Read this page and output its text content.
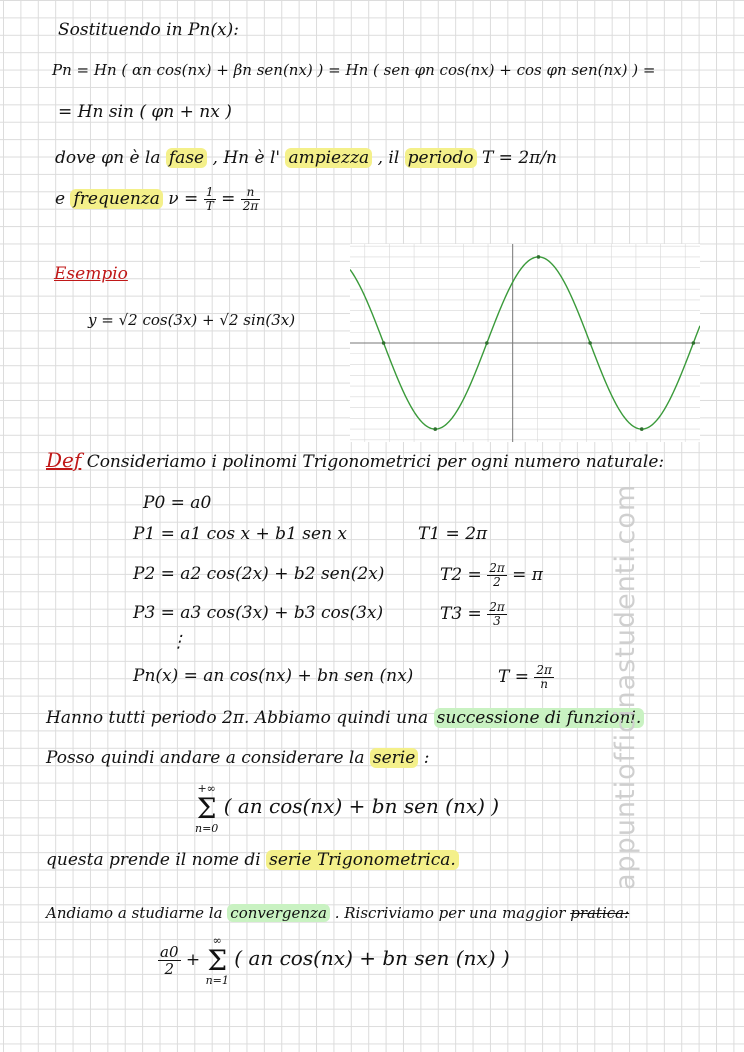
Sostituendo in Pn(x):
Pn = Hn ( αn cos(nx) + βn sen(nx) ) = Hn ( sen φn cos(nx) + cos φn sen(nx) ) =
= Hn sin ( φn + nx )
dove φn è la fase , Hn è l' ampiezza , il periodo T = 2π/n
e frequenza $\nu = \frac{1}{T} = \frac{n}{2\pi}$
Esempio
y = √2 cos(3x) + √2 sin(3x)
Def Consideriamo i polinomi Trigonometrici per ogni numero naturale:
P0 = a0
P1 = a1 cos x + b1 sen x	T1 = 2π
P2 = a2 cos(2x) + b2 sen(2x)	$T2 = \frac{2\pi}{2} = \pi$
P3 = a3 cos(3x) + b3 cos(3x)	$T3 = \frac{2\pi}{3}$
⋮
Pn(x) = an cos(nx) + bn sen (nx)	$T = \frac{2\pi}{n}$
Hanno tutti periodo 2π. Abbiamo quindi una successione di funzioni.
Posso quindi andare a considerare la serie :
+∞
Σ
n=0 ( an cos(nx) + bn sen (nx) )
questa prende il nome di serie Trigonometrica.
Andiamo a studiarne la convergenza . Riscriviamo per una maggior pratica:
$\frac{a0}{2}$ + ∞
Σ
n=1 ( an cos(nx) + bn sen (nx) )
appuntiofficinastudenti.com
